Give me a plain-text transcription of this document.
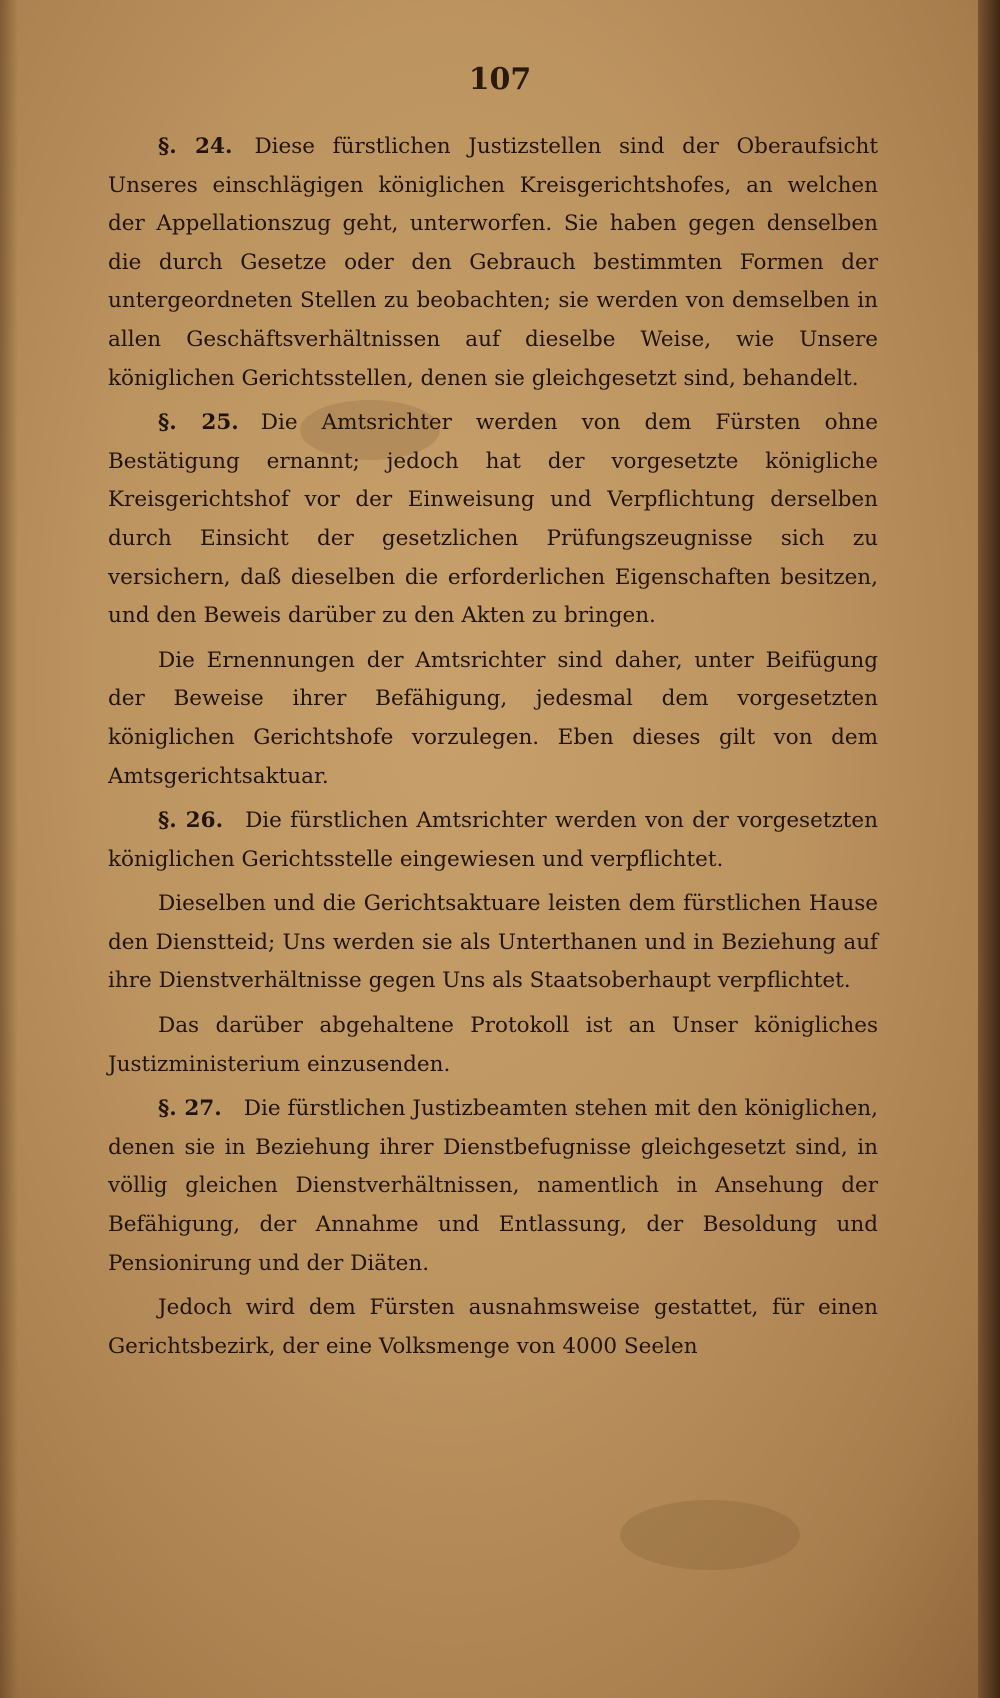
107

§. 24. Diese fürstlichen Justizstellen sind der Oberaufsicht Unseres einschlägigen königlichen Kreisgerichtshofes, an welchen der Appellationszug geht, unterworfen. Sie haben gegen denselben die durch Gesetze oder den Gebrauch bestimmten Formen der untergeordneten Stellen zu beobachten; sie werden von demselben in allen Geschäftsverhältnissen auf dieselbe Weise, wie Unsere königlichen Gerichtsstellen, denen sie gleichgesetzt sind, behandelt.

§. 25. Die Amtsrichter werden von dem Fürsten ohne Bestätigung ernannt; jedoch hat der vorgesetzte königliche Kreisgerichtshof vor der Einweisung und Verpflichtung derselben durch Einsicht der gesetzlichen Prüfungszeugnisse sich zu versichern, daß dieselben die erforderlichen Eigenschaften besitzen, und den Beweis darüber zu den Akten zu bringen.

Die Ernennungen der Amtsrichter sind daher, unter Beifügung der Beweise ihrer Befähigung, jedesmal dem vorgesetzten königlichen Gerichtshofe vorzulegen. Eben dieses gilt von dem Amtsgerichtsaktuar.

§. 26. Die fürstlichen Amtsrichter werden von der vorgesetzten königlichen Gerichtsstelle eingewiesen und verpflichtet.

Dieselben und die Gerichtsaktuare leisten dem fürstlichen Hause den Dienstteid; Uns werden sie als Unterthanen und in Beziehung auf ihre Dienstverhältnisse gegen Uns als Staatsoberhaupt verpflichtet.

Das darüber abgehaltene Protokoll ist an Unser königliches Justizministerium einzusenden.

§. 27. Die fürstlichen Justizbeamten stehen mit den königlichen, denen sie in Beziehung ihrer Dienstbefugnisse gleichgesetzt sind, in völlig gleichen Dienstverhältnissen, namentlich in Ansehung der Befähigung, der Annahme und Entlassung, der Besoldung und Pensionirung und der Diäten.

Jedoch wird dem Fürsten ausnahmsweise gestattet, für einen Gerichtsbezirk, der eine Volksmenge von 4000 Seelen
